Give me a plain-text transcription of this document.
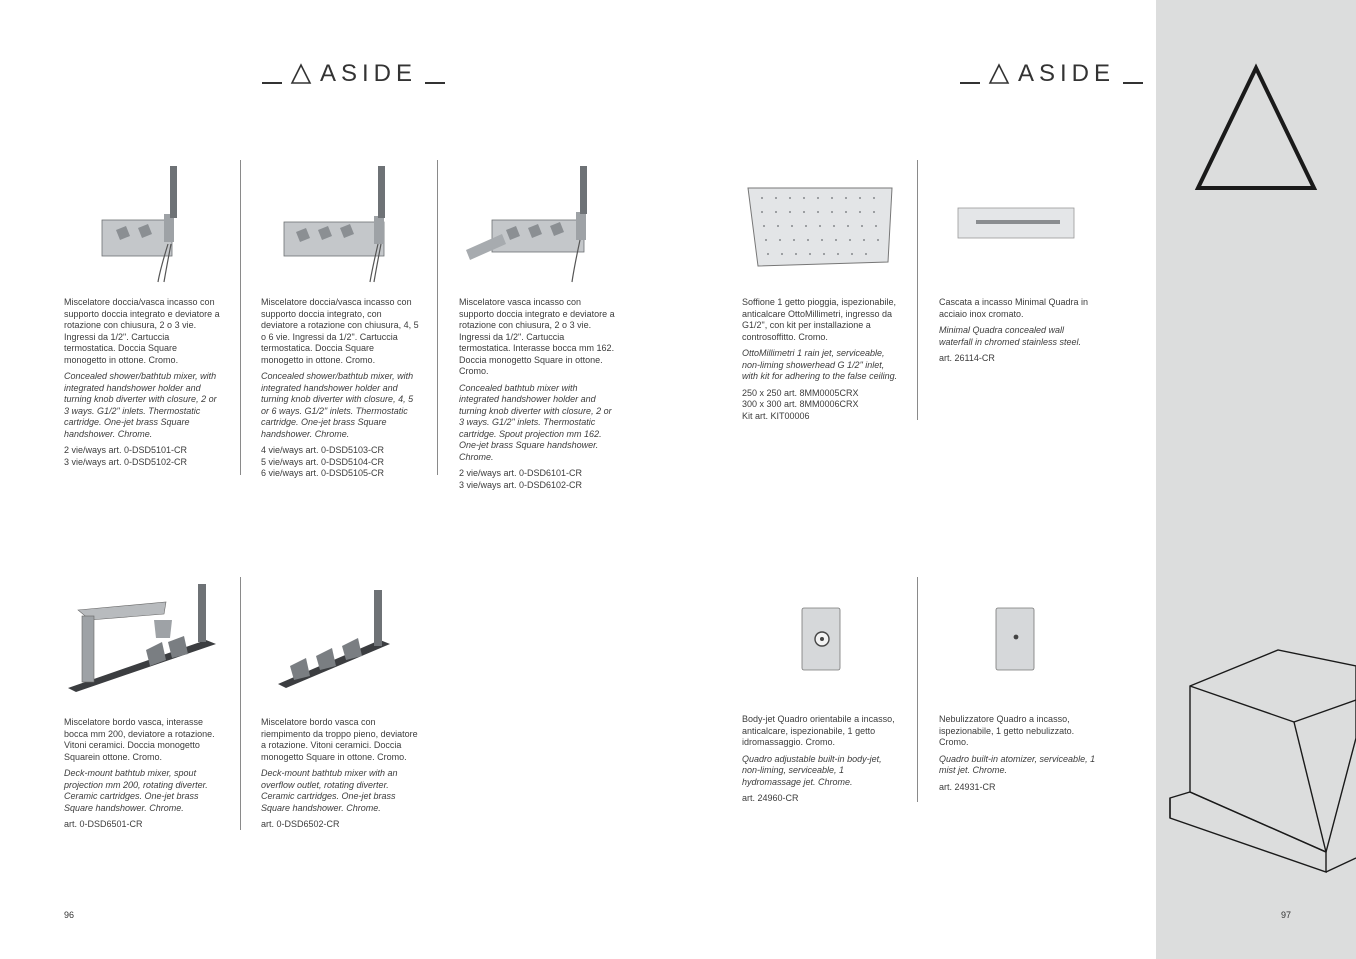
ASIDE	ASIDE
Miscelatore doccia/vasca incasso con supporto doccia integrato e deviatore a rotazione con chiusura, 2 o 3 vie. Ingressi da 1/2". Cartuccia termostatica. Doccia Square monogetto in ottone. Cromo.
Concealed shower/bathtub mixer, with integrated handshower holder and turning knob diverter with closure, 2 or 3 ways. G1/2" inlets. Thermostatic cartridge. One-jet brass Square handshower. Chrome.
2 vie/ways art. 0-DSD5101-CR
3 vie/ways art. 0-DSD5102-CR
Miscelatore doccia/vasca incasso con supporto doccia integrato, con deviatore a rotazione con chiusura, 4, 5 o 6 vie. Ingressi da 1/2". Cartuccia termostatica. Doccia Square monogetto in ottone. Cromo.
Concealed shower/bathtub mixer, with integrated handshower holder and turning knob diverter with closure, 4, 5 or 6 ways. G1/2" inlets. Thermostatic cartridge. One-jet brass Square handshower. Chrome.
4 vie/ways art. 0-DSD5103-CR
5 vie/ways art. 0-DSD5104-CR
6 vie/ways art. 0-DSD5105-CR
Miscelatore vasca incasso con supporto doccia integrato e deviatore a rotazione con chiusura, 2 o 3 vie. Ingressi da 1/2". Cartuccia termostatica. Interasse bocca mm 162. Doccia monogetto Square in ottone. Cromo.
Concealed bathtub mixer with integrated handshower holder and turning knob diverter with closure, 2 or 3 ways. G1/2" inlets. Thermostatic cartridge. Spout projection mm 162. One-jet brass Square handshower. Chrome.
2 vie/ways art. 0-DSD6101-CR
3 vie/ways art. 0-DSD6102-CR
Soffione 1 getto pioggia, ispezionabile, anticalcare OttoMillimetri, ingresso da G1/2", con kit per installazione a controsoffitto. Cromo.
OttoMillimetri 1 rain jet, serviceable, non-liming showerhead G 1/2" inlet, with kit for adhering to the false ceiling.
250 x 250 art. 8MM0005CRX
300 x 300 art. 8MM0006CRX
Kit art. KIT00006
Cascata a incasso Minimal Quadra in acciaio inox cromato.
Minimal Quadra concealed wall waterfall in chromed stainless steel.
art. 26114-CR
Miscelatore bordo vasca, interasse bocca mm 200, deviatore a rotazione. Vitoni ceramici. Doccia monogetto Squarein ottone. Cromo.
Deck-mount bathtub mixer, spout projection mm 200, rotating diverter. Ceramic cartridges. One-jet brass Square handshower. Chrome.
art. 0-DSD6501-CR
Miscelatore bordo vasca con riempimento da troppo pieno, deviatore a rotazione. Vitoni ceramici. Doccia monogetto Square in ottone. Cromo.
Deck-mount bathtub mixer with an overflow outlet, rotating diverter. Ceramic cartridges. One-jet brass Square handshower. Chrome.
art. 0-DSD6502-CR
Body-jet Quadro orientabile a incasso, anticalcare, ispezionabile, 1 getto idromassaggio. Cromo.
Quadro adjustable built-in body-jet, non-liming, serviceable, 1 hydromassage jet. Chrome.
art. 24960-CR
Nebulizzatore Quadro a incasso, ispezionabile, 1 getto nebulizzato. Cromo.
Quadro built-in atomizer, serviceable, 1 mist jet. Chrome.
art. 24931-CR
96	97
